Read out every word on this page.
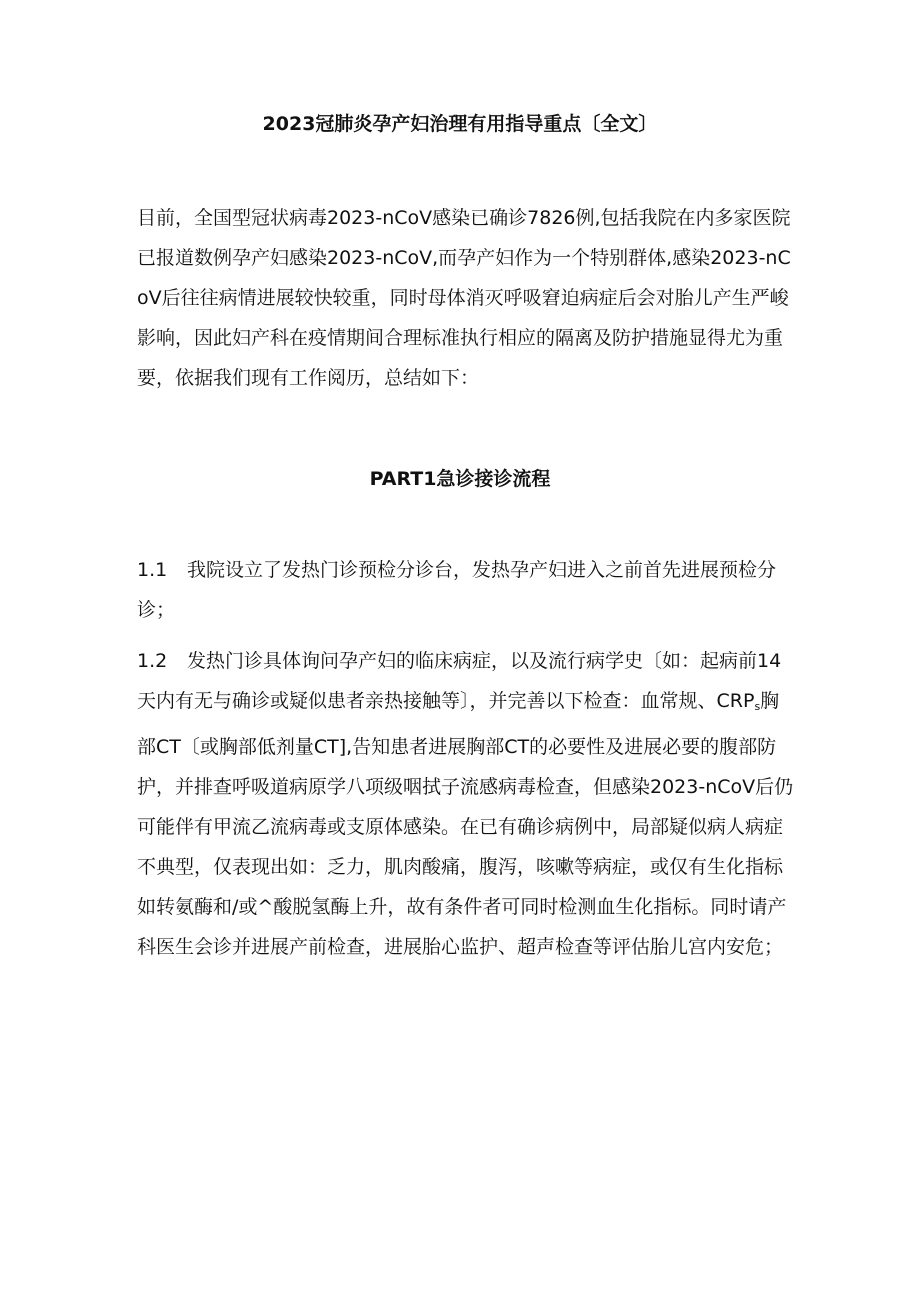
2023冠肺炎孕产妇治理有用指导重点〔全文〕
目前，全国型冠状病毒2023-nCoV感染已确诊7826例,包括我院在内多家医院已报道数例孕产妇感染2023-nCoV,而孕产妇作为一个特别群体,感染2023-nCoV后往往病情进展较快较重，同时母体消灭呼吸窘迫病症后会对胎儿产生严峻影响，因此妇产科在疫情期间合理标准执行相应的隔离及防护措施显得尤为重要，依据我们现有工作阅历，总结如下：
PART1急诊接诊流程
1.1 我院设立了发热门诊预检分诊台，发热孕产妇进入之前首先进展预检分诊；
1.2 发热门诊具体询问孕产妇的临床病症，以及流行病学史〔如：起病前14天内有无与确诊或疑似患者亲热接触等〕，并完善以下检查：血常规、$CRP_s$胸部CT〔或胸部低剂量CT],告知患者进展胸部CT的必要性及进展必要的腹部防护，并排查呼吸道病原学八项级咽拭子流感病毒检查，但感染2023-nCoV后仍可能伴有甲流乙流病毒或支原体感染。在已有确诊病例中，局部疑似病人病症不典型，仅表现出如：乏力，肌肉酸痛，腹泻，咳嗽等病症，或仅有生化指标如转氨酶和/或^酸脱氢酶上升，故有条件者可同时检测血生化指标。同时请产科医生会诊并进展产前检查，进展胎心监护、超声检查等评估胎儿宫内安危；
